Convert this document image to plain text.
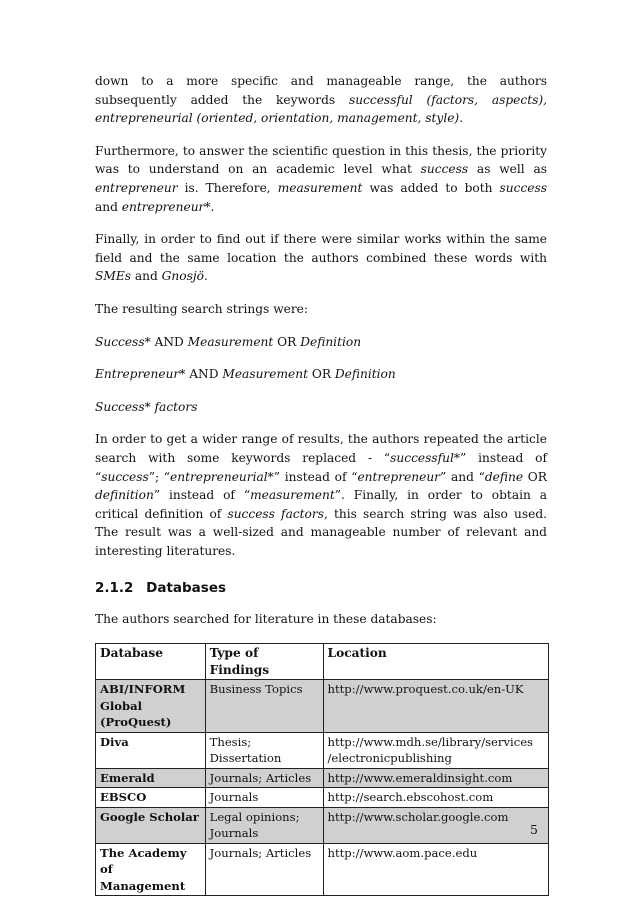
down to a more specific and manageable range, the authors subsequently added the keywords successful (factors, aspects), entrepreneurial (oriented, orientation, management, style).

Furthermore, to answer the scientific question in this thesis, the priority was to understand on an academic level what success as well as entrepreneur is. Therefore, measurement was added to both success and entrepreneur*.

Finally, in order to find out if there were similar works within the same field and the same location the authors combined these words with SMEs and Gnosjö.

The resulting search strings were:

Success* AND Measurement OR Definition

Entrepreneur* AND Measurement OR Definition

Success* factors

In order to get a wider range of results, the authors repeated the article search with some keywords replaced - “successful*” instead of “success”; “entrepreneurial*” instead of “entrepreneur” and “define OR definition” instead of “measurement”. Finally, in order to obtain a critical definition of success factors, this search string was also used. The result was a well-sized and manageable number of relevant and interesting literatures.

2.1.2 Databases

The authors searched for literature in these databases:

Database	Type of Findings	Location
ABI/INFORM Global (ProQuest)	Business Topics	http://www.proquest.co.uk/en-UK
Diva	Thesis; Dissertation	http://www.mdh.se/library/services /electronicpublishing
Emerald	Journals; Articles	http://www.emeraldinsight.com
EBSCO	Journals	http://search.ebscohost.com
Google Scholar	Legal opinions; Journals	http://www.scholar.google.com
The Academy of Management	Journals; Articles	http://www.aom.pace.edu
5
